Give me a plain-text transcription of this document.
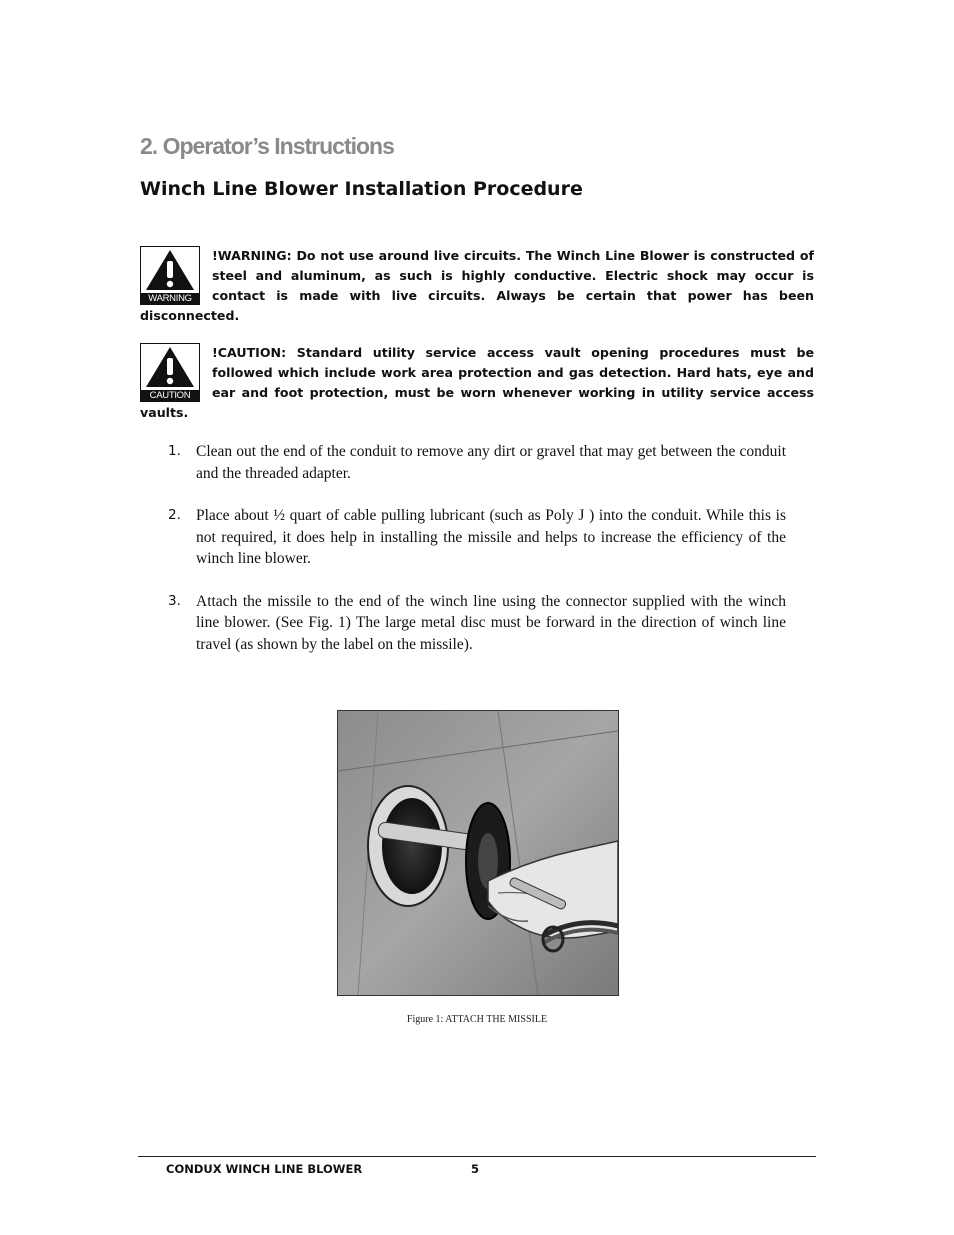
2. Operator’s Instructions
Winch Line Blower Installation Procedure
WARNING
!WARNING: Do not use around live circuits. The Winch Line Blower is constructed of steel and aluminum, as such is highly conductive. Electric shock may occur is contact is made with live circuits. Always be certain that power has been disconnected.
CAUTION
!CAUTION: Standard utility service access vault opening procedures must be followed which include work area protection and gas detection. Hard hats, eye and ear and foot protection, must be worn whenever working in utility service access vaults.
1. Clean out the end of the conduit to remove any dirt or gravel that may get between the conduit and the threaded adapter.
2. Place about ½ quart of cable pulling lubricant (such as Poly J ) into the conduit. While this is not required, it does help in installing the missile and helps to increase the efficiency of the winch line blower.
3. Attach the missile to the end of the winch line using the connector supplied with the winch line blower. (See Fig. 1) The large metal disc must be forward in the direction of winch line travel (as shown by the label on the missile).
Figure 1: ATTACH THE MISSILE
CONDUX WINCH LINE BLOWER	5
